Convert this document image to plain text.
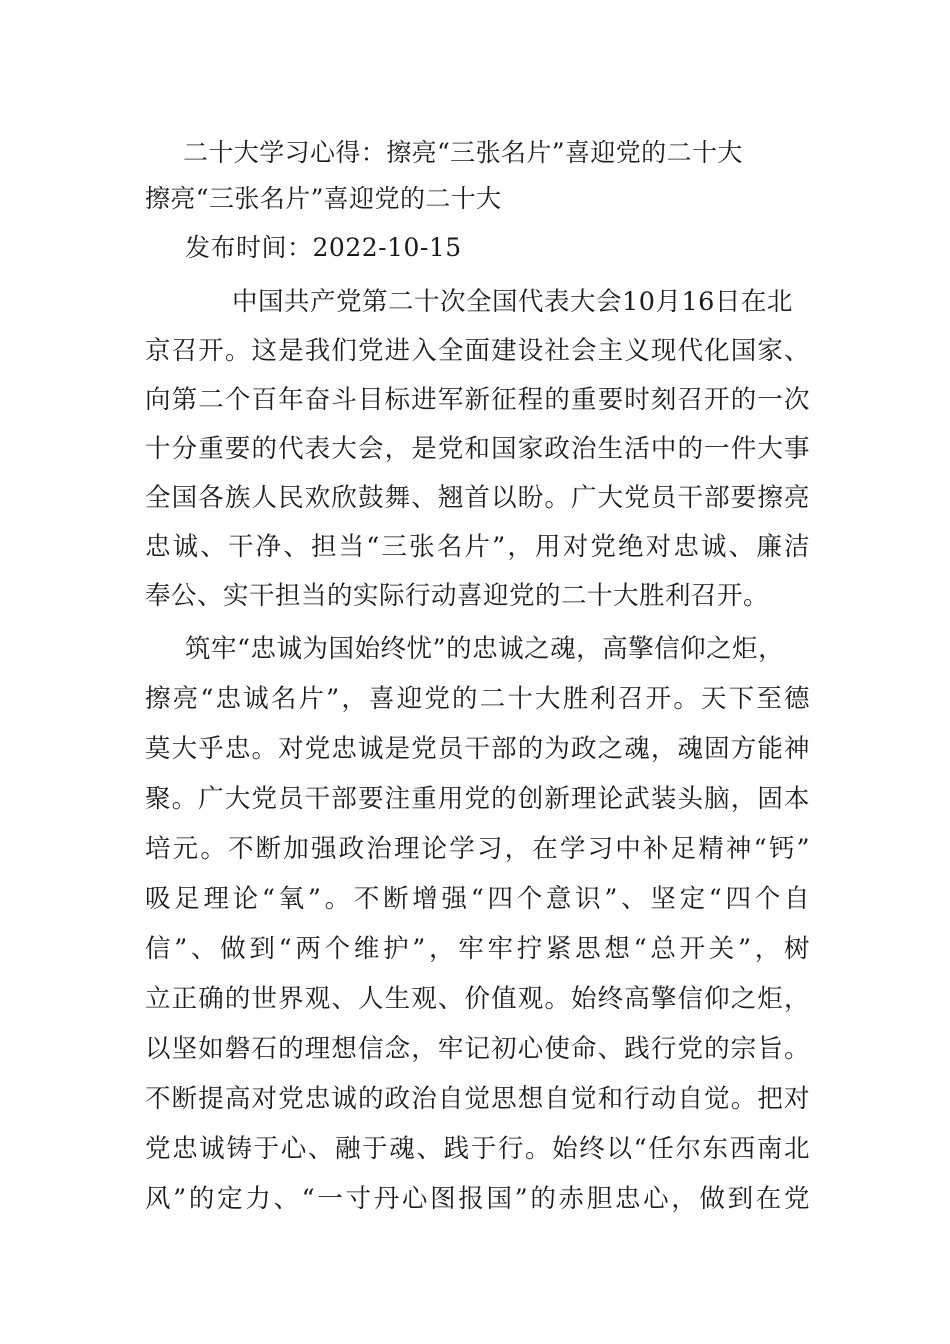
二十大学习心得：擦亮“三张名片”喜迎党的二十大
擦亮“三张名片”喜迎党的二十大
发布时间：2022-10-15
中国共产党第二十次全国代表大会10月16日在北
京召开。这是我们党进入全面建设社会主义现代化国家、
向第二个百年奋斗目标进军新征程的重要时刻召开的一次
十分重要的代表大会，是党和国家政治生活中的一件大事
全国各族人民欢欣鼓舞、翘首以盼。广大党员干部要擦亮
忠诚、干净、担当“三张名片”，用对党绝对忠诚、廉洁
奉公、实干担当的实际行动喜迎党的二十大胜利召开。
筑牢“忠诚为国始终忧”的忠诚之魂，高擎信仰之炬，
擦亮“忠诚名片”，喜迎党的二十大胜利召开。天下至德
莫大乎忠。对党忠诚是党员干部的为政之魂，魂固方能神
聚。广大党员干部要注重用党的创新理论武装头脑，固本
培元。不断加强政治理论学习，在学习中补足精神“钙”
吸足理论“氧”。不断增强“四个意识”、坚定“四个自
信”、做到“两个维护”，牢牢拧紧思想“总开关”，树
立正确的世界观、人生观、价值观。始终高擎信仰之炬，
以坚如磐石的理想信念，牢记初心使命、践行党的宗旨。
不断提高对党忠诚的政治自觉思想自觉和行动自觉。把对
党忠诚铸于心、融于魂、践于行。始终以“任尔东西南北
风”的定力、“一寸丹心图报国”的赤胆忠心，做到在党
